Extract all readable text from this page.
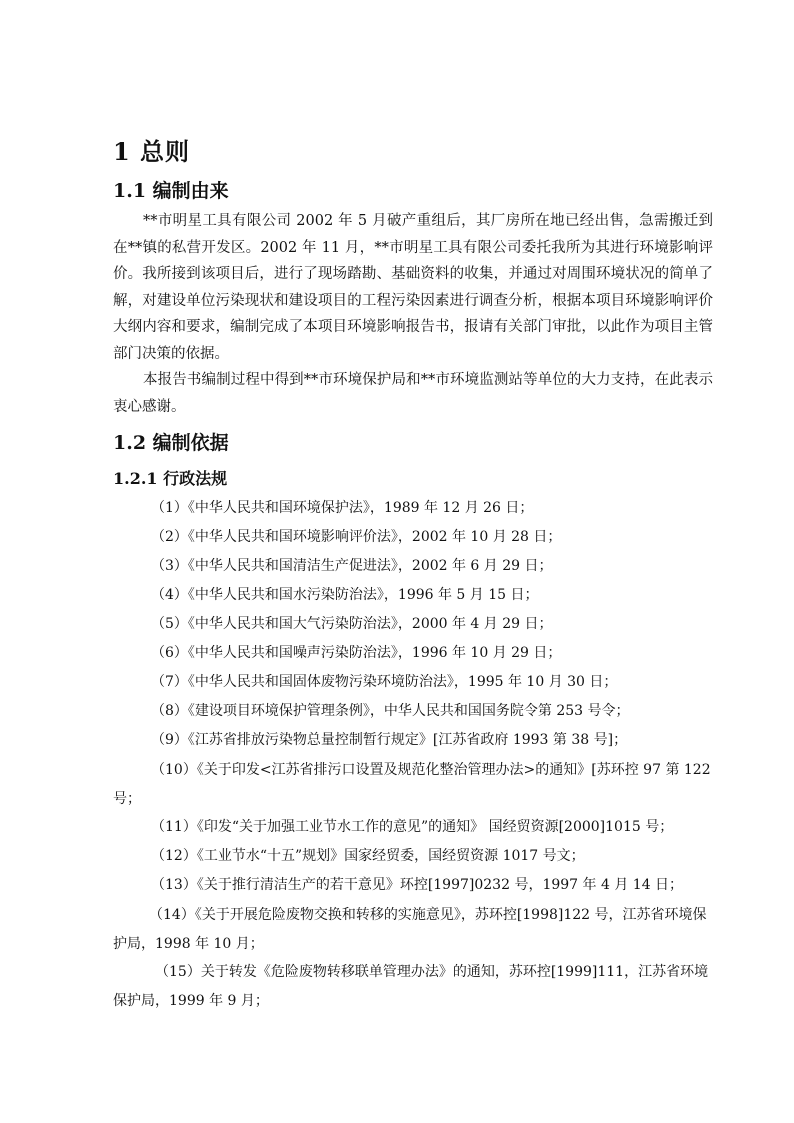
1 总则
1.1 编制由来

**市明星工具有限公司 2002 年 5 月破产重组后，其厂房所在地已经出售，急需搬迁到在**镇的私营开发区。2002 年 11 月，**市明星工具有限公司委托我所为其进行环境影响评价。我所接到该项目后，进行了现场踏勘、基础资料的收集，并通过对周围环境状况的简单了解，对建设单位污染现状和建设项目的工程污染因素进行调查分析，根据本项目环境影响评价大纲内容和要求，编制完成了本项目环境影响报告书，报请有关部门审批，以此作为项目主管部门决策的依据。

本报告书编制过程中得到**市环境保护局和**市环境监测站等单位的大力支持，在此表示衷心感谢。

1.2 编制依据
1.2.1 行政法规

（1）《中华人民共和国环境保护法》，1989 年 12 月 26 日；

（2）《中华人民共和国环境影响评价法》，2002 年 10 月 28 日；

（3）《中华人民共和国清洁生产促进法》，2002 年 6 月 29 日；

（4）《中华人民共和国水污染防治法》，1996 年 5 月 15 日；

（5）《中华人民共和国大气污染防治法》，2000 年 4 月 29 日；

（6）《中华人民共和国噪声污染防治法》，1996 年 10 月 29 日；

（7）《中华人民共和国固体废物污染环境防治法》，1995 年 10 月 30 日；

（8）《建设项目环境保护管理条例》，中华人民共和国国务院令第 253 号令；

（9）《江苏省排放污染物总量控制暂行规定》[江苏省政府 1993 第 38 号]；

（10）《关于印发<江苏省排污口设置及规范化整治管理办法>的通知》[苏环控 97 第 122 号；

（11）《印发“关于加强工业节水工作的意见”的通知》 国经贸资源[2000]1015 号；

（12）《工业节水“十五”规划》国家经贸委，国经贸资源 1017 号文；

（13）《关于推行清洁生产的若干意见》环控[1997]0232 号，1997 年 4 月 14 日；

（14）《关于开展危险废物交换和转移的实施意见》，苏环控[1998]122 号，江苏省环境保护局，1998 年 10 月；

（15）关于转发《危险废物转移联单管理办法》的通知，苏环控[1999]111，江苏省环境保护局，1999 年 9 月；
